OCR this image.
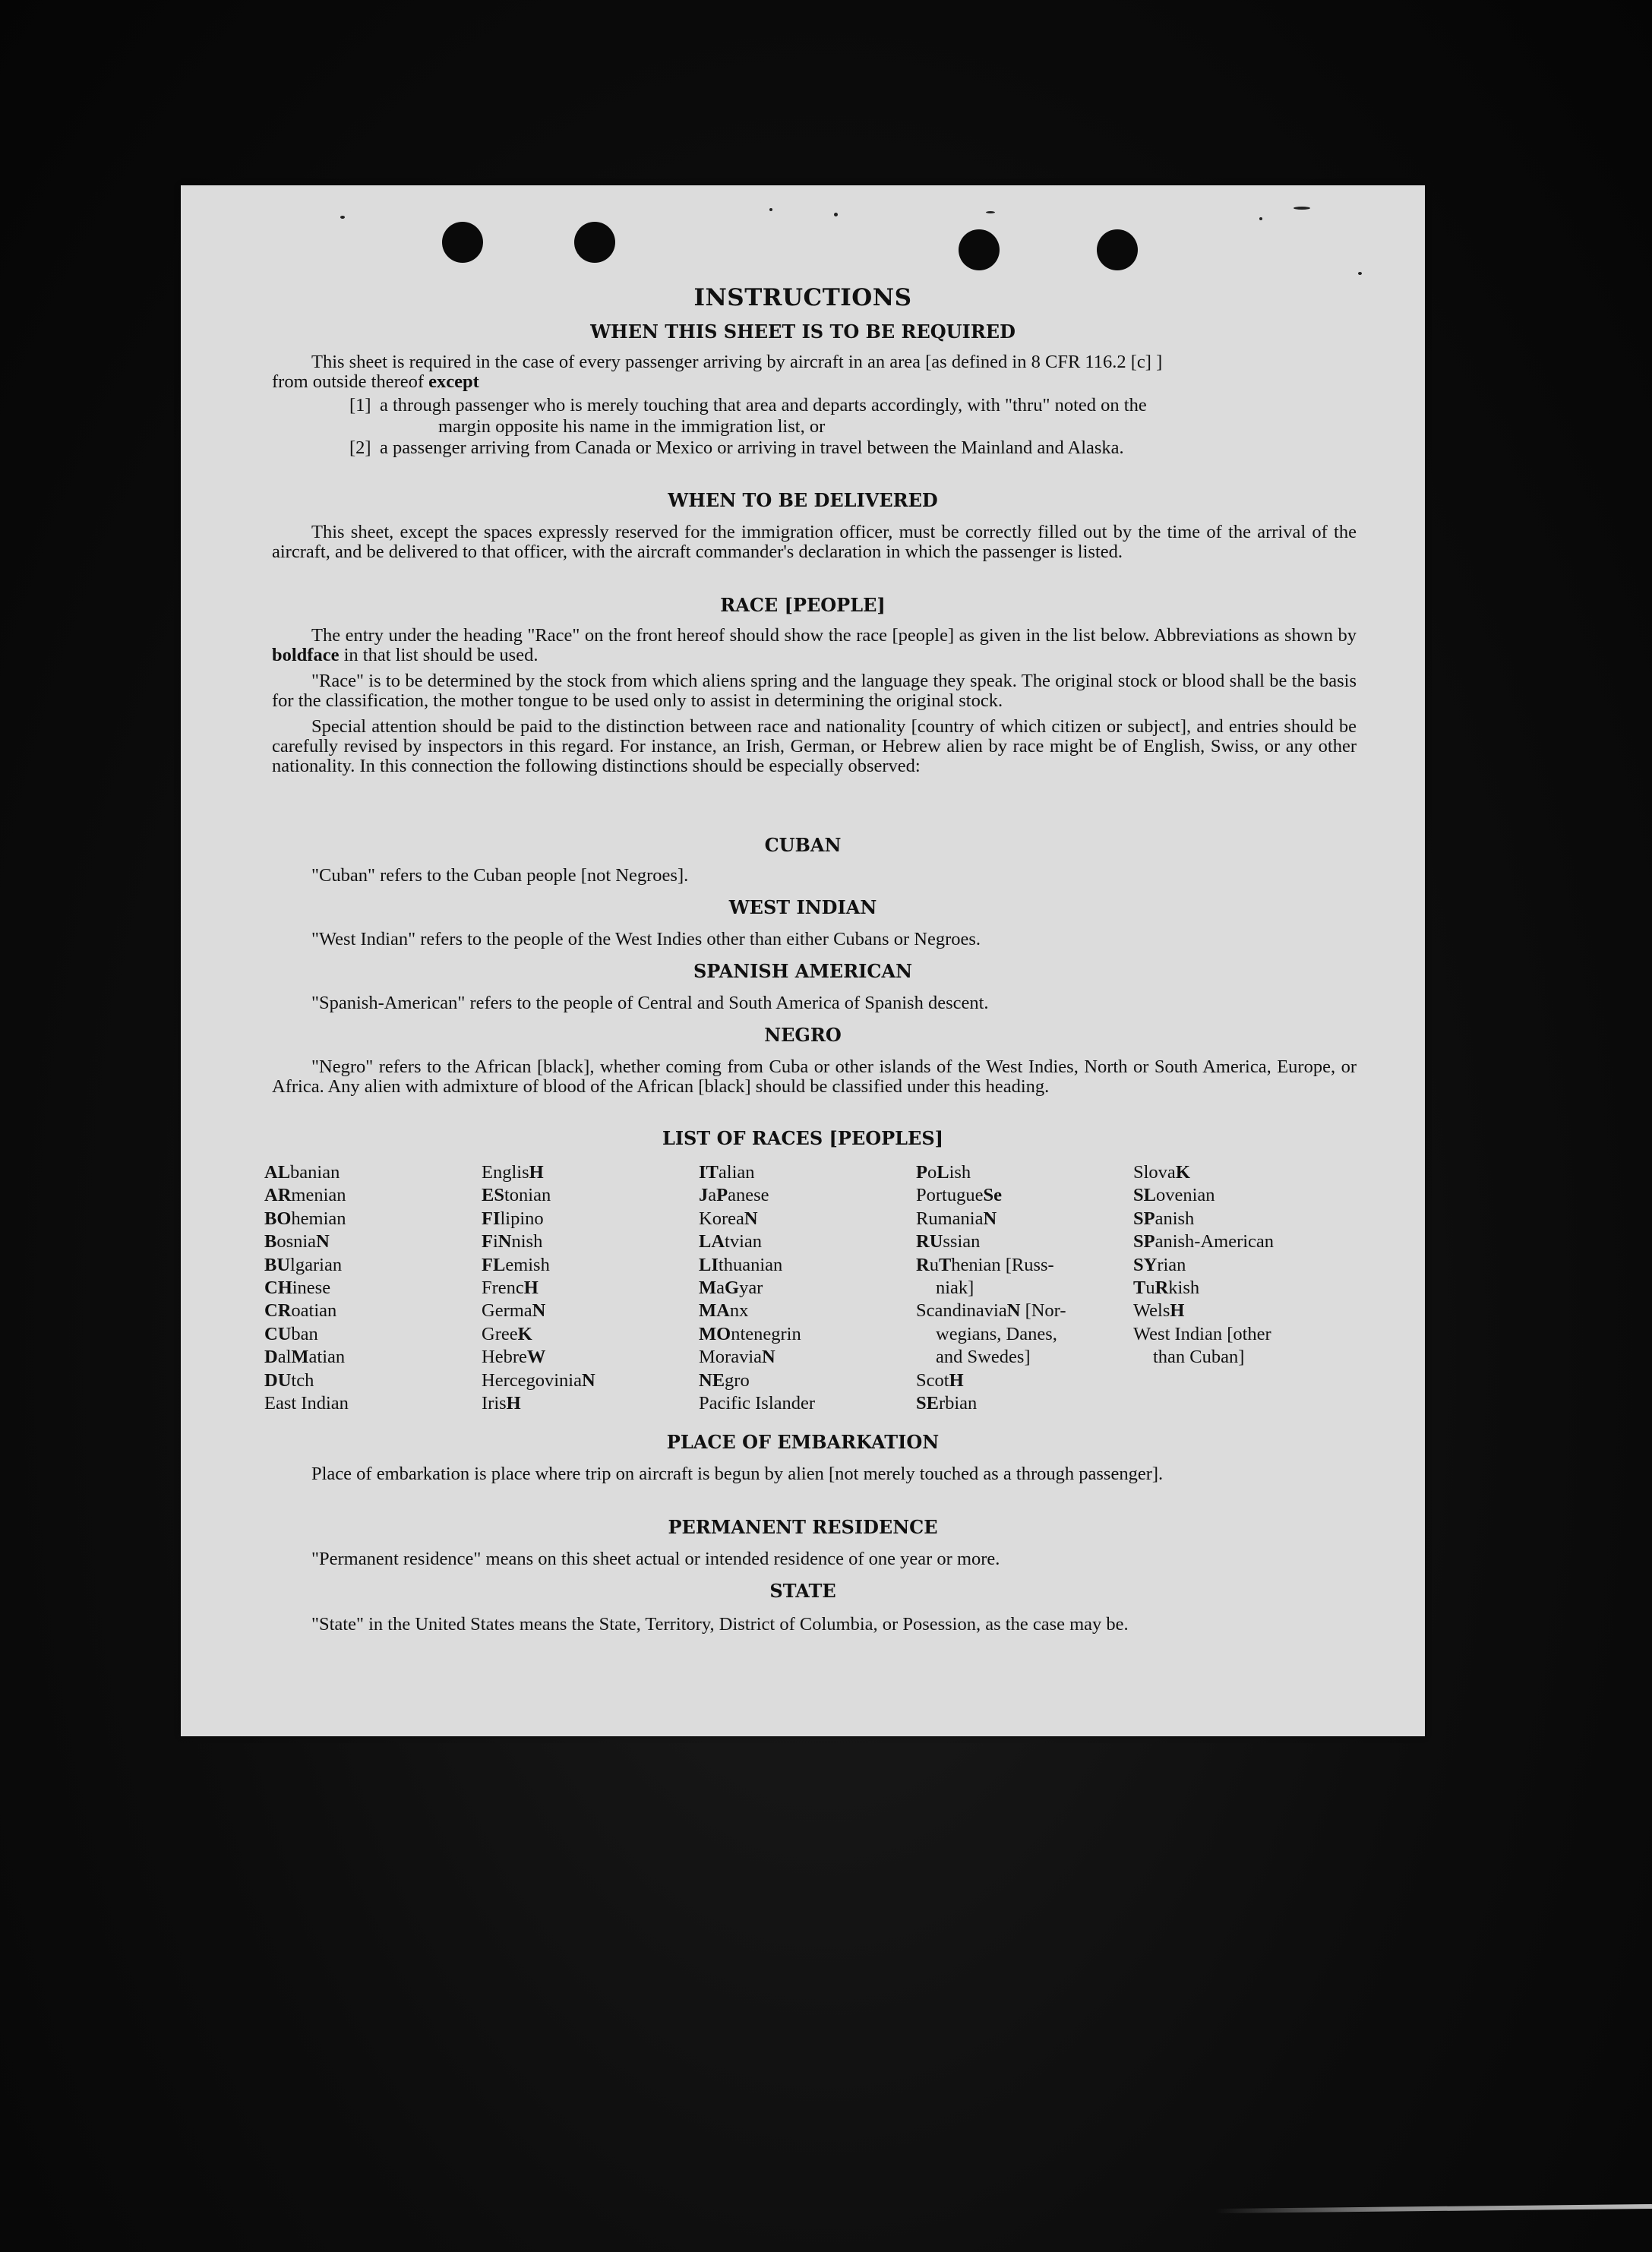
INSTRUCTIONS
WHEN THIS SHEET IS TO BE REQUIRED

This sheet is required in the case of every passenger arriving by aircraft in an area [as defined in 8 CFR 116.2 [c] ]

from outside thereof except

[1] a through passenger who is merely touching that area and departs accordingly, with "thru" noted on the
margin opposite his name in the immigration list, or
[2] a passenger arriving from Canada or Mexico or arriving in travel between the Mainland and Alaska.
WHEN TO BE DELIVERED

This sheet, except the spaces expressly reserved for the immigration officer, must be correctly filled out by the time of the arrival of the aircraft, and be delivered to that officer, with the aircraft commander's declaration in which the passenger is listed.

RACE [PEOPLE]

The entry under the heading "Race" on the front hereof should show the race [people] as given in the list below. Abbreviations as shown by boldface in that list should be used.

"Race" is to be determined by the stock from which aliens spring and the language they speak. The original stock or blood shall be the basis for the classification, the mother tongue to be used only to assist in determining the original stock.

Special attention should be paid to the distinction between race and nationality [country of which citizen or subject], and entries should be carefully revised by inspectors in this regard. For instance, an Irish, German, or Hebrew alien by race might be of English, Swiss, or any other nationality. In this connection the following distinctions should be especially observed:

CUBAN

"Cuban" refers to the Cuban people [not Negroes].

WEST INDIAN

"West Indian" refers to the people of the West Indies other than either Cubans or Negroes.

SPANISH AMERICAN

"Spanish-American" refers to the people of Central and South America of Spanish descent.

NEGRO

"Negro" refers to the African [black], whether coming from Cuba or other islands of the West Indies, North or South America, Europe, or Africa. Any alien with admixture of blood of the African [black] should be classified under this heading.

LIST OF RACES [PEOPLES]
ALbanian
ARmenian
BOhemian
BosniaN
BUlgarian
CHinese
CRoatian
CUban
DalMatian
DUtch
East Indian
EnglisH
EStonian
FIlipino
FiNnish
FLemish
FrencH
GermaN
GreeK
HebreW
HercegoviniaN
IrisH
ITalian
JaPanese
KoreaN
LAtvian
LIthuanian
MaGyar
MAnx
MOntenegrin
MoraviaN
NEgro
Pacific Islander
PoLish
PortugueSe
RumaniaN
RUssian
RuThenian [Russ-
niak]
ScandinaviaN [Nor-
wegians, Danes,
and Swedes]
ScotH
SErbian
SlovaK
SLovenian
SPanish
SPanish-American
SYrian
TuRkish
WelsH
West Indian [other
than Cuban]
PLACE OF EMBARKATION

Place of embarkation is place where trip on aircraft is begun by alien [not merely touched as a through passenger].

PERMANENT RESIDENCE

"Permanent residence" means on this sheet actual or intended residence of one year or more.

STATE

"State" in the United States means the State, Territory, District of Columbia, or Posession, as the case may be.
